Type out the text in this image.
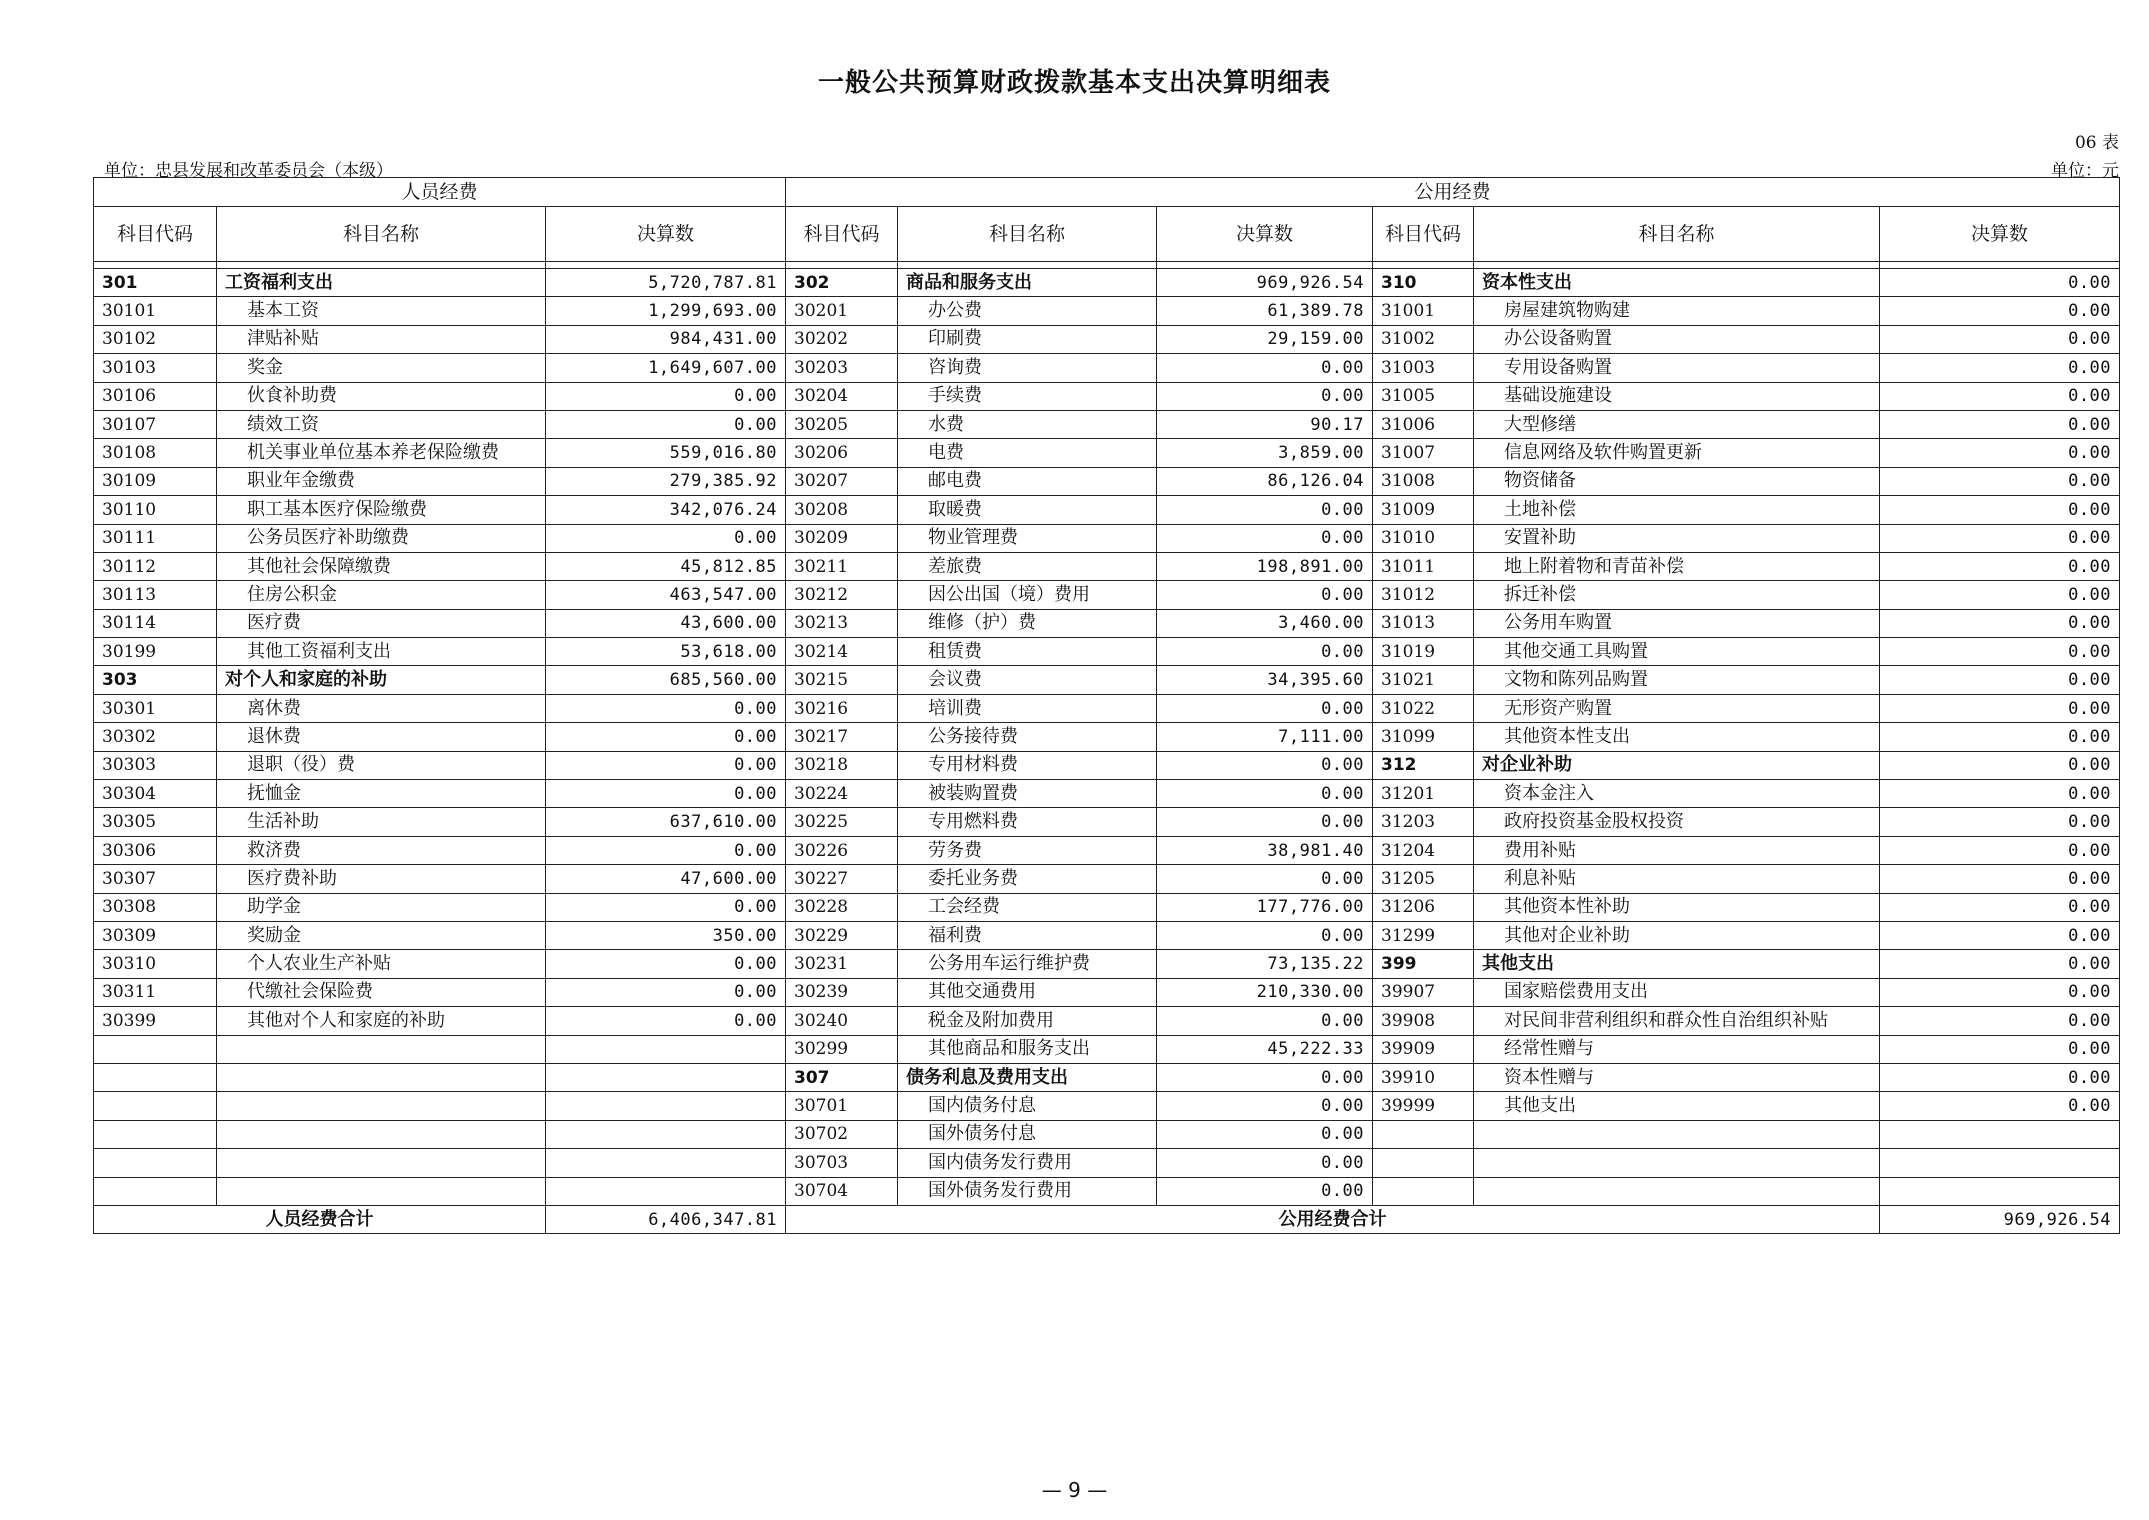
一般公共预算财政拨款基本支出决算明细表
06 表
单位：忠县发展和改革委员会（本级）	单位：元
人员经费			公用经费					
科目代码	科目名称	决算数	科目代码	科目名称	决算数	科目代码	科目名称	决算数

301	工资福利支出	5,720,787.81	302	商品和服务支出	969,926.54	310	资本性支出	0.00
30101	基本工资	1,299,693.00	30201	办公费	61,389.78	31001	房屋建筑物购建	0.00
30102	津贴补贴	984,431.00	30202	印刷费	29,159.00	31002	办公设备购置	0.00
30103	奖金	1,649,607.00	30203	咨询费	0.00	31003	专用设备购置	0.00
30106	伙食补助费	0.00	30204	手续费	0.00	31005	基础设施建设	0.00
30107	绩效工资	0.00	30205	水费	90.17	31006	大型修缮	0.00
30108	机关事业单位基本养老保险缴费	559,016.80	30206	电费	3,859.00	31007	信息网络及软件购置更新	0.00
30109	职业年金缴费	279,385.92	30207	邮电费	86,126.04	31008	物资储备	0.00
30110	职工基本医疗保险缴费	342,076.24	30208	取暖费	0.00	31009	土地补偿	0.00
30111	公务员医疗补助缴费	0.00	30209	物业管理费	0.00	31010	安置补助	0.00
30112	其他社会保障缴费	45,812.85	30211	差旅费	198,891.00	31011	地上附着物和青苗补偿	0.00
30113	住房公积金	463,547.00	30212	因公出国（境）费用	0.00	31012	拆迁补偿	0.00
30114	医疗费	43,600.00	30213	维修（护）费	3,460.00	31013	公务用车购置	0.00
30199	其他工资福利支出	53,618.00	30214	租赁费	0.00	31019	其他交通工具购置	0.00
303	对个人和家庭的补助	685,560.00	30215	会议费	34,395.60	31021	文物和陈列品购置	0.00
30301	离休费	0.00	30216	培训费	0.00	31022	无形资产购置	0.00
30302	退休费	0.00	30217	公务接待费	7,111.00	31099	其他资本性支出	0.00
30303	退职（役）费	0.00	30218	专用材料费	0.00	312	对企业补助	0.00
30304	抚恤金	0.00	30224	被装购置费	0.00	31201	资本金注入	0.00
30305	生活补助	637,610.00	30225	专用燃料费	0.00	31203	政府投资基金股权投资	0.00
30306	救济费	0.00	30226	劳务费	38,981.40	31204	费用补贴	0.00
30307	医疗费补助	47,600.00	30227	委托业务费	0.00	31205	利息补贴	0.00
30308	助学金	0.00	30228	工会经费	177,776.00	31206	其他资本性补助	0.00
30309	奖励金	350.00	30229	福利费	0.00	31299	其他对企业补助	0.00
30310	个人农业生产补贴	0.00	30231	公务用车运行维护费	73,135.22	399	其他支出	0.00
30311	代缴社会保险费	0.00	30239	其他交通费用	210,330.00	39907	国家赔偿费用支出	0.00
30399	其他对个人和家庭的补助	0.00	30240	税金及附加费用	0.00	39908	对民间非营利组织和群众性自治组织补贴	0.00
			30299	其他商品和服务支出	45,222.33	39909	经常性赠与	0.00
			307	债务利息及费用支出	0.00	39910	资本性赠与	0.00
			30701	国内债务付息	0.00	39999	其他支出	0.00
			30702	国外债务付息	0.00			
			30703	国内债务发行费用	0.00			
			30704	国外债务发行费用	0.00			
人员经费合计		6,406,347.81	公用经费合计					969,926.54
— 9 —
